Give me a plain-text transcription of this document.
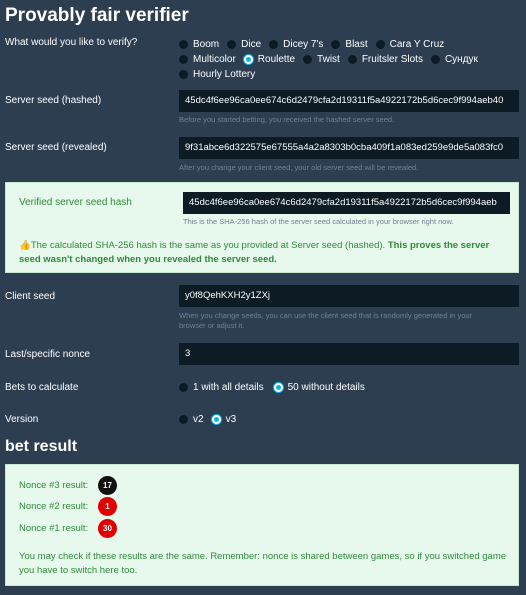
Provably fair verifier
What would you like to verify?	Boom Dice Dicey 7's Blast Cara Y Cruz
Multicolor Roulette Twist Fruitsler Slots Сундук
Hourly Lottery
Server seed (hashed)	45dc4f6ee96ca0ee674c6d2479cfa2d19311f5a4922172b5d6cec9f994aeb40
Before you started betting, you received the hashed server seed.
Server seed (revealed)	9f31abce6d322575e67555a4a2a8303b0cba409f1a083ed259e9de5a083fc0
After you change your client seed, your old server seed will be revealed.
Verified server seed hash	45dc4f6ee96ca0ee674c6d2479cfa2d19311f5a4922172b5d6cec9f994aeb
This is the SHA-256 hash of the server seed calculated in your browser right now.
👍The calculated SHA-256 hash is the same as you provided at Server seed (hashed). This proves the server seed wasn't changed when you revealed the server seed.
Client seed	y0f8QehKXH2y1ZXj
When you change seeds, you can use the client seed that is randomly generated in your browser or adjust it.
Last/specific nonce	3
Bets to calculate	1 with all details 50 without details
Version	v2 v3
bet result
Nonce #3 result:	17
Nonce #2 result:	1
Nonce #1 result:	30
You may check if these results are the same. Remember: nonce is shared between games, so if you switched game you have to switch here too.
